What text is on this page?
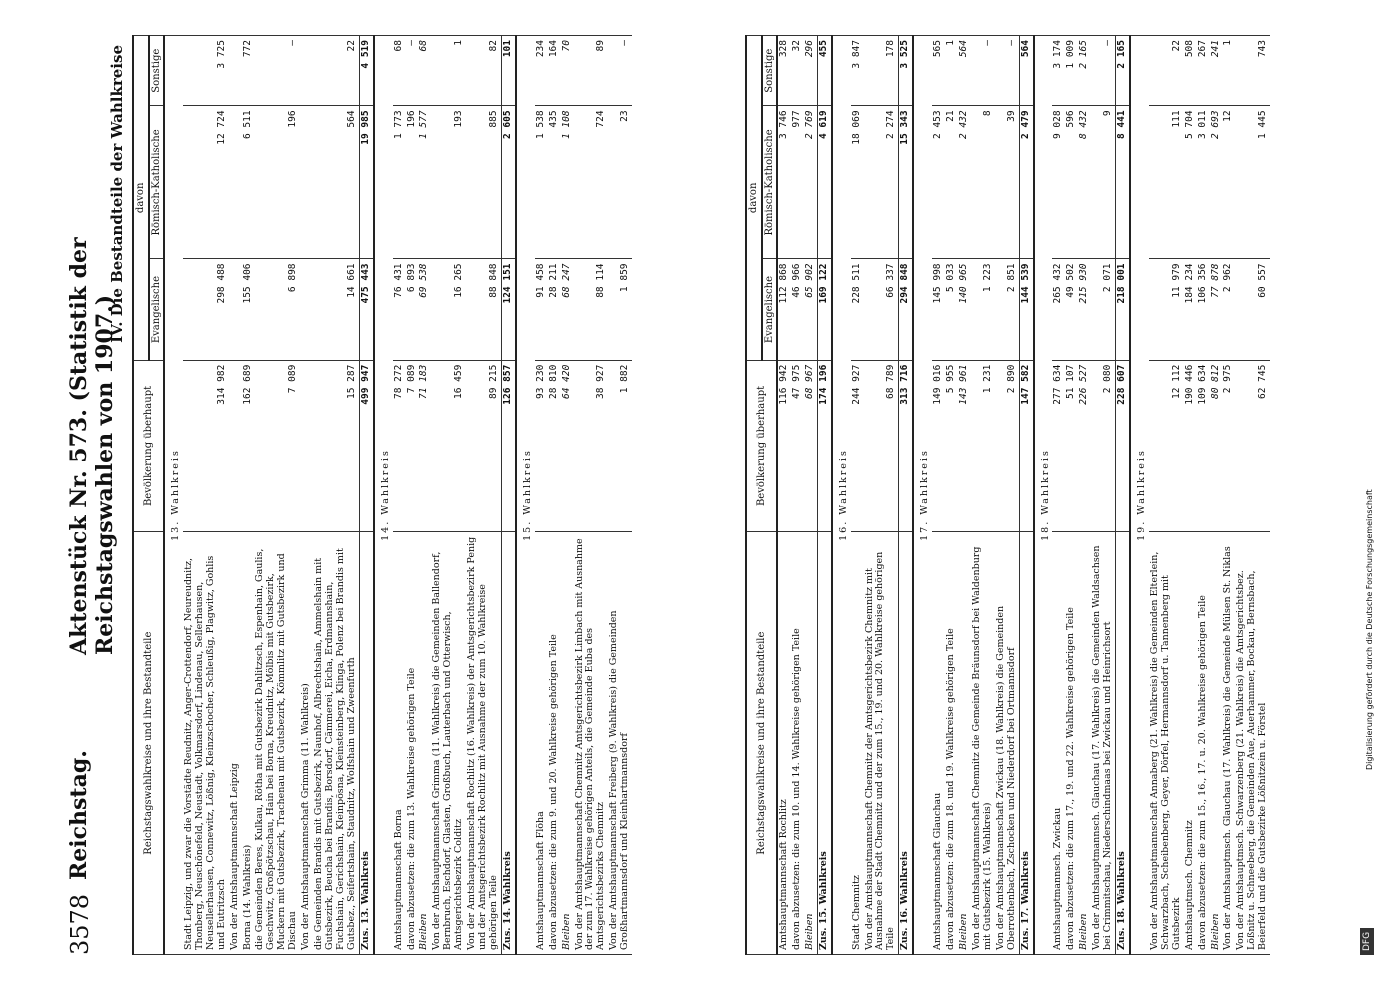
3578
Reichstag.
Aktenstück Nr. 573. (Statistik der Reichstagswahlen von 1907.)
IV. Die Bestandteile der Wahlkreise
Reichstagswahlkreise und ihre Bestandteile	Bevölkerung überhaupt	davon		
		Evangelische	Römisch-Katholische	Sonstige
13. Wahlkreis				
Stadt Leipzig, und zwar die Vorstädte Reudnitz, Anger-Crottendorf, Neureudnitz, Thonberg, Neuschönefeld, Neustadt, Volkmarsdorf, Lindenau, Sellerhausen, Neusellerhausen, Connewitz, Lößnig, Kleinzschocher, Schleußig, Plagwitz, Gohlis und Eutritzsch	314 982	298 488	12 724	3 725
Von der Amtshauptmannschaft Leipzig				
Borna (14. Wahlkreis)	162 689	155 406	6 511	772
die Gemeinden Beres, Kulkau, Rötha mit Gutsbezirk Dahlitzsch, Espenhain, Gaulis, Geschwitz, Großpötzschau, Hain bei Borna, Kreudnitz, Mölbis mit Gutsbezirk, Muckern mit Gutsbezirk, Trachenau mit Gutsbezirk, Kömmlitz mit Gutsbezirk und Dischau	7 089	6 898	196	—
Von der Amtshauptmannschaft Grimma (11. Wahlkreis)				
die Gemeinden Brandis mit Gutsbezirk, Naunhof, Albrechtshain, Ammelshain mit Gutsbezirk, Beucha bei Brandis, Borsdorf, Cämmerei, Eicha, Erdmannshain, Fuchshain, Gerichshain, Kleinpösna, Kleinsteinberg, Klinga, Polenz bei Brandis mit Gutsbez., Seifertshain, Staudnitz, Wolfshain und Zweenfurth	15 287	14 661	564	22
Zus. 13. Wahlkreis	499 947	475 443	19 985	4 519
14. Wahlkreis				
Amtshauptmannschaft Borna	78 272	76 431	1 773	68
davon abzusetzen: die zum 13. Wahlkreise gehörigen Teile	7 089	6 893	196	—
Bleiben	71 183	69 538	1 577	68
Von der Amtshauptmannschaft Grimma (11. Wahlkreis) die Gemeinden Ballendorf, Bernbruch, Eschdorf, Glasten, Großbuch, Lauterbach und Otterwisch, Amtsgerichtsbezirk Colditz	16 459	16 265	193	1
Von der Amtshauptmannschaft Rochlitz (16. Wahlkreis) der Amtsgerichtsbezirk Penig und der Amtsgerichtsbezirk Rochlitz mit Ausnahme der zum 10. Wahlkreise gehörigen Teile	89 215	88 848	885	82
Zus. 14. Wahlkreis	126 857	124 151	2 605	101
15. Wahlkreis				
Amtshauptmannschaft Flöha	93 230	91 458	1 538	234
davon abzusetzen: die zum 9. und 20. Wahlkreise gehörigen Teile	28 810	28 211	435	164
Bleiben	64 420	68 247	1 108	70
Von der Amtshauptmannschaft Chemnitz Amtsgerichtsbezirk Limbach mit Ausnahme der zum 17. Wahlkreise gehörigen Anteils, die Gemeinde Euba des Amtsgerichtsbezirks Chemnitz	38 927	88 114	724	89
Von der Amtshauptmannschaft Freiberg (9. Wahlkreis) die Gemeinden Großhartmannsdorf und Kleinhartmannsdorf	1 882	1 859	23	—
Reichstagswahlkreise und ihre Bestandteile	Bevölkerung überhaupt	davon		
		Evangelische	Römisch-Katholische	Sonstige
Amtshauptmannschaft Rochlitz	116 942	112 868	3 746	328
davon abzusetzen: die zum 10. und 14. Wahlkreise gehörigen Teile	47 975	46 966	977	32
Bleiben	68 967	65 902	2 769	296
Zus. 15. Wahlkreis	174 196	169 122	4 619	455
16. Wahlkreis				
Stadt Chemnitz	244 927	228 511	18 069	3 847
Von der Amtshauptmannschaft Chemnitz der Amtsgerichtsbezirk Chemnitz mit Ausnahme der Stadt Chemnitz und der zum 15., 19. und 20. Wahlkreise gehörigen Teile	68 789	66 337	2 274	178
Zus. 16. Wahlkreis	313 716	294 848	15 343	3 525
17. Wahlkreis				
Amtshauptmannschaft Glauchau	149 016	145 998	2 453	565
davon abzusetzen: die zum 18. und 19. Wahlkreise gehörigen Teile	5 955	5 033	21	1
Bleiben	143 961	140 965	2 432	564
Von der Amtshauptmannschaft Chemnitz die Gemeinde Bräunsdorf bei Waldenburg mit Gutsbezirk (15. Wahlkreis)	1 231	1 223	8	—
Von der Amtshauptmannschaft Zwickau (18. Wahlkreis) die Gemeinden Oberrothenbach, Zschocken und Niederdorf bei Ortmannsdorf	2 890	2 851	39	—
Zus. 17. Wahlkreis	147 582	144 539	2 479	564
18. Wahlkreis				
Amtshauptmannsch. Zwickau	277 634	265 432	9 028	3 174
davon abzusetzen: die zum 17., 19. und 22. Wahlkreise gehörigen Teile	51 107	49 502	596	1 009
Bleiben	226 527	215 930	8 432	2 165
Von der Amtshauptmannsch. Glauchau (17. Wahlkreis) die Gemeinden Waldsachsen bei Crimmitschau, Niederschindmaas bei Zwickau und Heinrichsort	2 080	2 071	9	—
Zus. 18. Wahlkreis	228 607	218 001	8 441	2 165
19. Wahlkreis				
Von der Amtshauptmannschaft Annaberg (21. Wahlkreis) die Gemeinden Elterlein, Schwarzbach, Scheibenberg, Geyer, Dörfel, Hermannsdorf u. Tannenberg mit Gutsbezirk	12 112	11 979	111	22
Amtshauptmsch. Chemnitz	190 446	184 234	5 704	508
davon abzusetzen: die zum 15., 16., 17. u. 20. Wahlkreise gehörigen Teile	109 634	106 356	3 011	267
Bleiben	80 812	77 878	2 693	241
Von der Amtshauptmsch. Glauchau (17. Wahlkreis) die Gemeinde Mülsen St. Niklas	2 975	2 962	12	1
Von der Amtshauptmsch. Schwarzenberg (21. Wahlkreis) die Amtsgerichtsbez. Lößnitz u. Schneeberg, die Gemeinden Aue, Auerhammer, Bockau, Bernsbach, Beierfeld und die Gutsbezirke Lößnitzein u. Förstel	62 745	60 557	1 445	743
DFG
Digitalisierung gefördert durch die Deutsche Forschungsgemeinschaft
